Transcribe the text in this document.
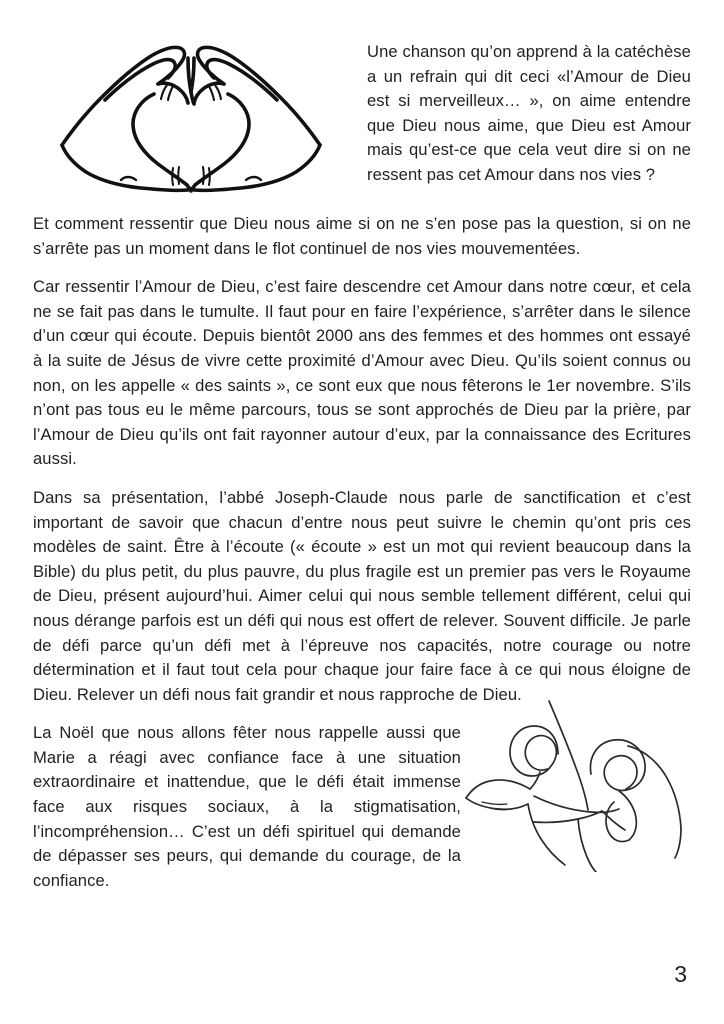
Une chanson qu’on apprend à la catéchèse a un refrain qui dit ceci «l’Amour de Dieu est si merveilleux… », on aime entendre que Dieu nous aime, que Dieu est Amour mais qu’est-ce que cela veut dire si on ne ressent pas cet Amour dans nos vies ?

Et comment ressentir que Dieu nous aime si on ne s’en pose pas la question, si on ne s’arrête pas un moment dans le flot continuel de nos vies mouvementées.

Car ressentir l’Amour de Dieu, c’est faire descendre cet Amour dans notre cœur, et cela ne se fait pas dans le tumulte. Il faut pour en faire l’expérience, s’arrêter dans le silence d’un cœur qui écoute. Depuis bientôt 2000 ans des femmes et des hommes ont essayé à la suite de Jésus de vivre cette proximité d’Amour avec Dieu. Qu’ils soient connus ou non, on les appelle « des saints », ce sont eux que nous fêterons le 1er novembre. S’ils n’ont pas tous eu le même parcours, tous se sont approchés de Dieu par la prière, par l’Amour de Dieu qu’ils ont fait rayonner autour d’eux, par la connaissance des Ecritures aussi.

Dans sa présentation, l’abbé Joseph-Claude nous parle de sanctification et c’est important de savoir que chacun d’entre nous peut suivre le chemin qu’ont pris ces modèles de saint. Être à l’écoute (« écoute » est un mot qui revient beaucoup dans la Bible) du plus petit, du plus pauvre, du plus fragile est un premier pas vers le Royaume de Dieu, présent aujourd’hui. Aimer celui qui nous semble tellement différent, celui qui nous dérange parfois est un défi qui nous est offert de relever. Souvent difficile. Je parle de défi parce qu’un défi met à l’épreuve nos capacités, notre courage ou notre détermination et il faut tout cela pour chaque jour faire face à ce qui nous éloigne de Dieu. Relever un défi nous fait grandir et nous rapproche de Dieu.

La Noël que nous allons fêter nous rappelle aussi que Marie a réagi avec confiance face à une situation extraordinaire et inattendue, que le défi était immense face aux risques sociaux, à la stigmatisation, l’incompréhension… C’est un défi spirituel qui demande de dépasser ses peurs, qui demande du courage, de la confiance.

3
